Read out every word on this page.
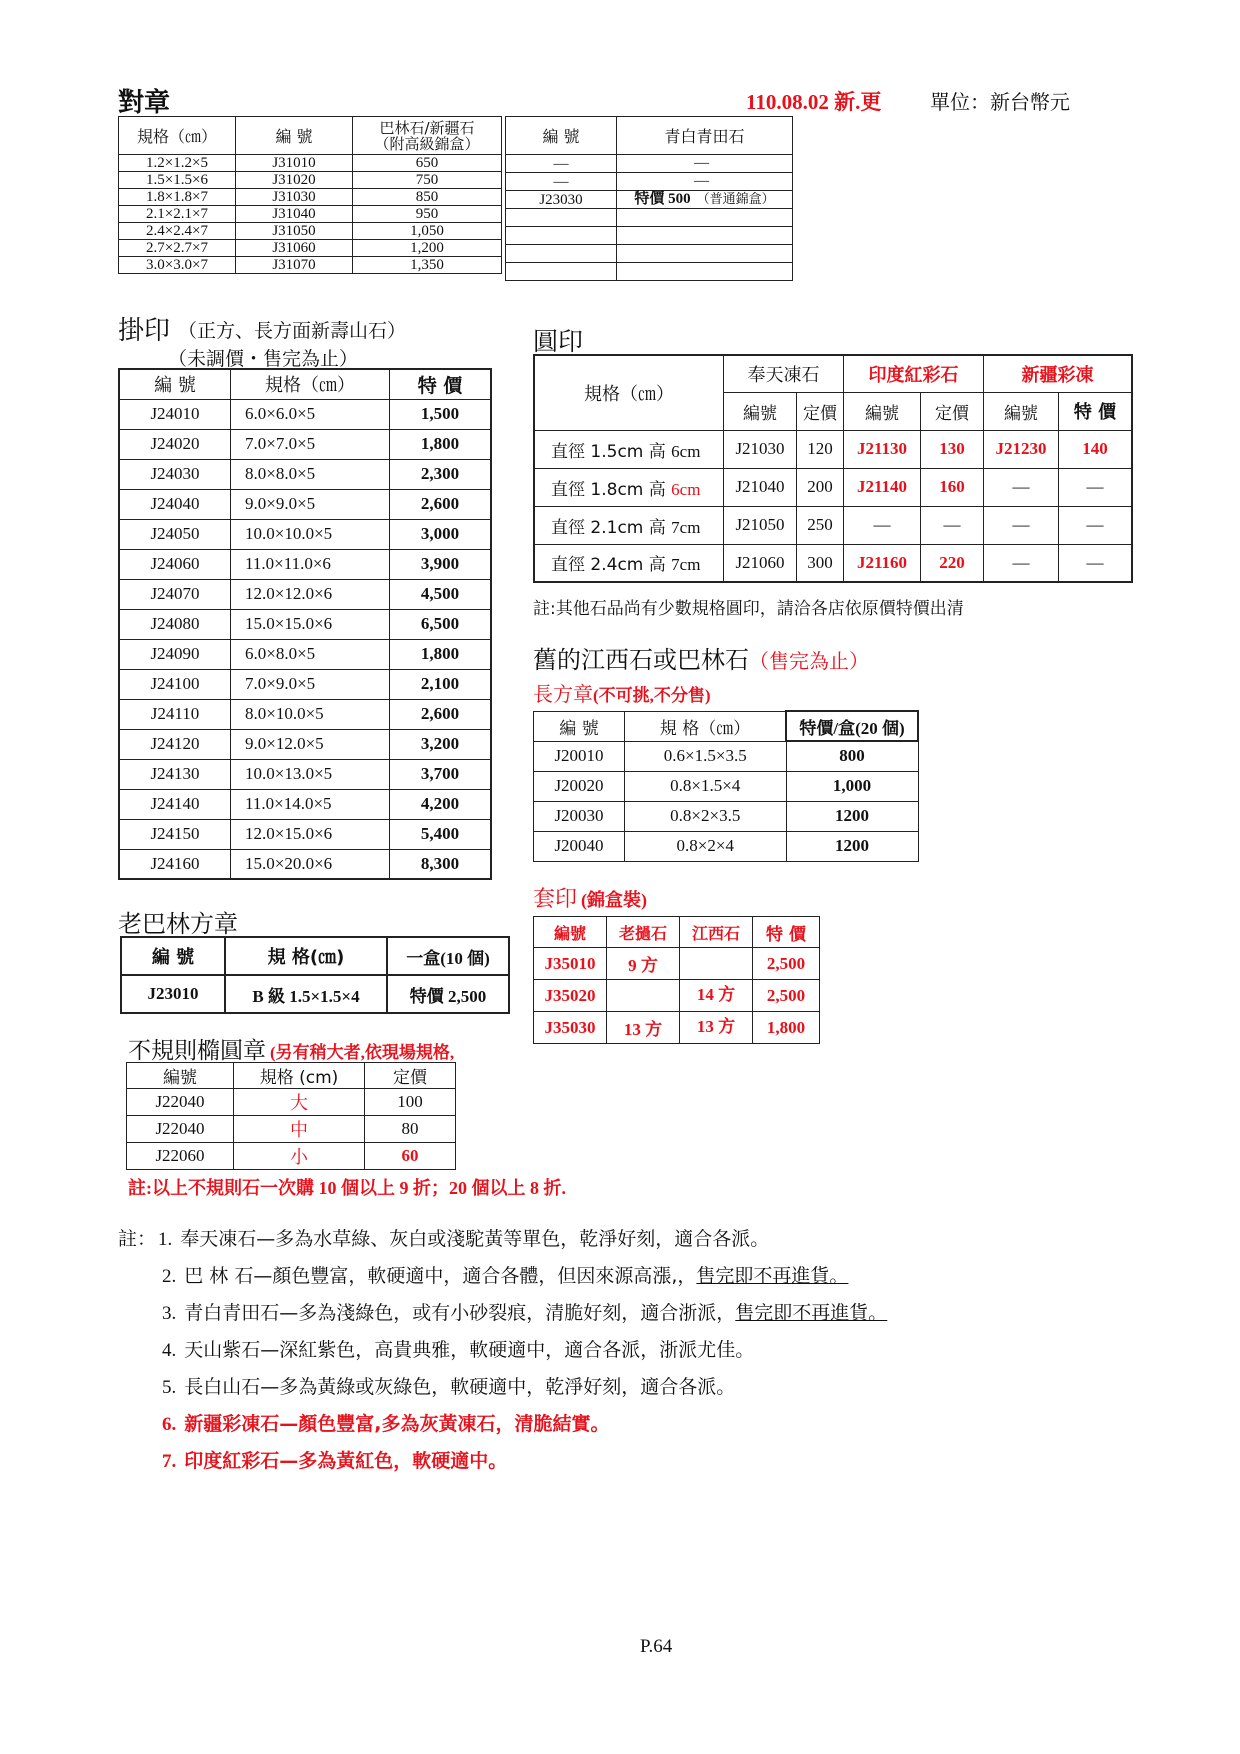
對章	110.08.02 新.更 單位：新台幣元
規格（㎝）	編 號	巴林石/新疆石
（附高級錦盒）
1.2×1.2×5	J31010	650
1.5×1.5×6	J31020	750
1.8×1.8×7	J31030	850
2.1×2.1×7	J31040	950
2.4×2.4×7	J31050	1,050
2.7×2.7×7	J31060	1,200
3.0×3.0×7	J31070	1,350
編 號	青白青田石
—	—
—	—
J23030	特價 500 （普通錦盒）

掛印 （正方、長方面新壽山石）
（未調價・售完為止）
編 號	規格（㎝）	特 價
J24010	6.0×6.0×5	1,500
J24020	7.0×7.0×5	1,800
J24030	8.0×8.0×5	2,300
J24040	9.0×9.0×5	2,600
J24050	10.0×10.0×5	3,000
J24060	11.0×11.0×6	3,900
J24070	12.0×12.0×6	4,500
J24080	15.0×15.0×6	6,500
J24090	6.0×8.0×5	1,800
J24100	7.0×9.0×5	2,100
J24110	8.0×10.0×5	2,600
J24120	9.0×12.0×5	3,200
J24130	10.0×13.0×5	3,700
J24140	11.0×14.0×5	4,200
J24150	12.0×15.0×6	5,400
J24160	15.0×20.0×6	8,300
圓印
規格（㎝）	奉天凍石		印度紅彩石		新疆彩凍	
	編號	定價	編號	定價	編號	特 價
直徑 1.5cm 高 6cm	J21030	120	J21130	130	J21230	140
直徑 1.8cm 高 6cm	J21040	200	J21140	160	—	—
直徑 2.1cm 高 7cm	J21050	250	—	—	—	—
直徑 2.4cm 高 7cm	J21060	300	J21160	220	—	—
註:其他石品尚有少數規格圓印，請洽各店依原價特價出清
舊的江西石或巴林石（售完為止）
長方章(不可挑,不分售)
編 號	規 格（㎝）	特價/盒(20 個)
J20010	0.6×1.5×3.5	800
J20020	0.8×1.5×4	1,000
J20030	0.8×2×3.5	1200
J20040	0.8×2×4	1200
套印 (錦盒裝)
編號	老撾石	江西石	特 價
J35010	9 方		2,500
J35020		14 方	2,500
J35030	13 方	13 方	1,800
老巴林方章
編 號	規 格(㎝)	一盒(10 個)
J23010	B 級 1.5×1.5×4	特價 2,500
不規則橢圓章 (另有稍大者,依現場規格,
編號	規格 (cm)	定價
J22040	大	100
J22040	中	80
J22060	小	60
註:以上不規則石一次購 10 個以上 9 折；20 個以上 8 折.
註： 1. 奉天凍石—多為水草綠、灰白或淺駝黃等單色，乾淨好刻，適合各派。
2. 巴 林 石—顏色豐富，軟硬適中，適合各體，但因來源高漲,，售完即不再進貨。
3. 青白青田石—多為淺綠色，或有小砂裂痕，清脆好刻，適合浙派，售完即不再進貨。
4. 天山紫石—深紅紫色，高貴典雅，軟硬適中，適合各派，浙派尤佳。
5. 長白山石—多為黃綠或灰綠色，軟硬適中，乾淨好刻，適合各派。
6. 新疆彩凍石—顏色豐富,多為灰黃凍石，清脆結實。
7. 印度紅彩石—多為黃紅色，軟硬適中。
P.64
